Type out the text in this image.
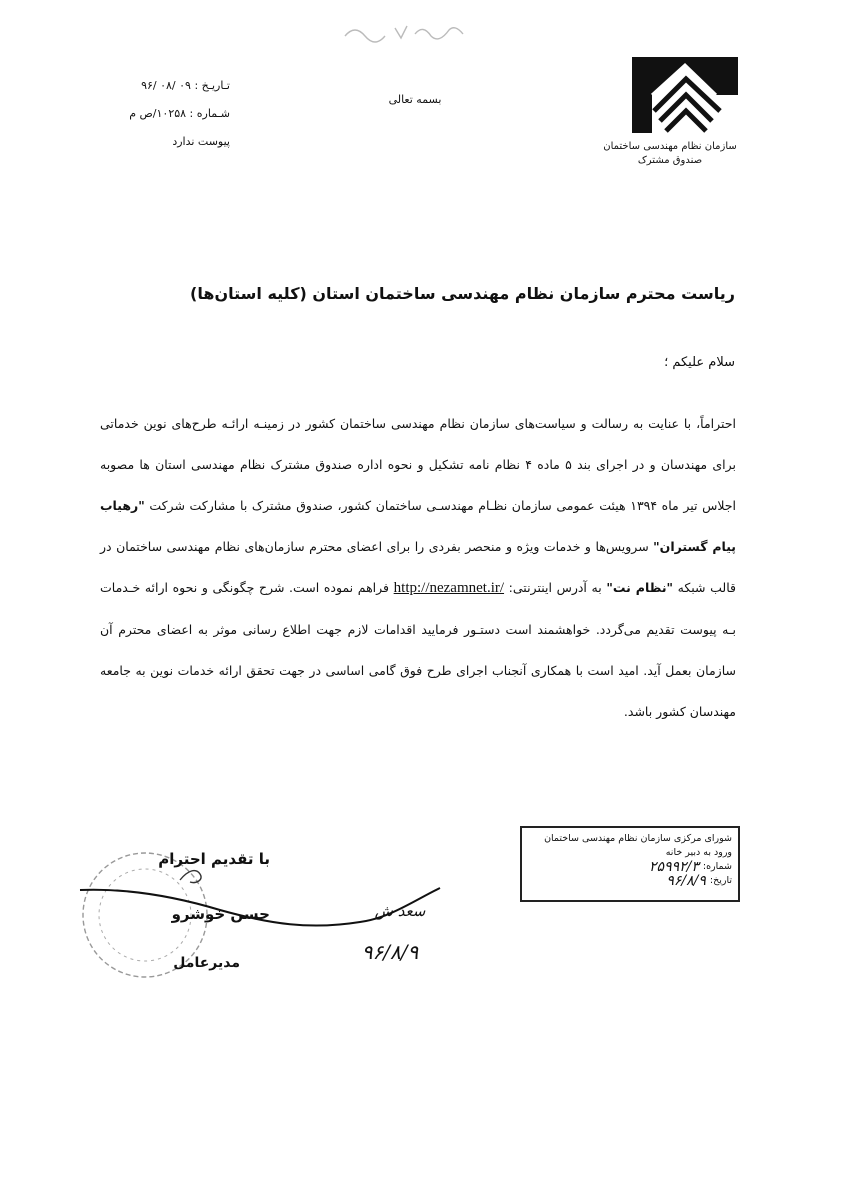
سازمان نظام مهندسی ساختمان
صندوق مشترک
بسمه تعالی
تـاریـخ : ۰۹ /۰۸ /۹۶
شـماره : ۱۰۲۵۸/ص م
پیوست ندارد
ریاست محترم سازمان نظام مهندسی ساختمان استان (کلیه استان‌ها)
سلام علیکم ؛
احتراماً، با عنایت به رسالت و سیاست‌های سازمان نظام مهندسی ساختمان کشور در زمینـه ارائـه طرح‌های نوین خدماتی برای مهندسان و در اجرای بند ۵ ماده ۴ نظام نامه تشکیل و نحوه اداره صندوق مشترک نظام مهندسی استان ها مصوبه اجلاس تیر ماه ۱۳۹۴ هیئت عمومی سازمان نظـام مهندسـی ساختمان کشور، صندوق مشترک با مشارکت شرکت "رهیاب پیام گستران" سرویس‌ها و خدمات ویژه و منحصر بفردی را برای اعضای محترم سازمان‌های نظام مهندسی ساختمان در قالب شبکه "نظام نت" به آدرس اینترنتی: http://nezamnet.ir/ فراهم نموده است. شرح چگونگی و نحوه ارائه خـدمات بـه پیوست تقدیم می‌گردد. خواهشمند است دستـور فرمایید اقدامات لازم جهت اطلاع رسانی موثر به اعضای محترم آن سازمان بعمل آید. امید است با همکاری آنجناب اجرای طرح فوق گامی اساسی در جهت تحقق ارائه خدمات نوین به جامعه مهندسان کشور باشد.
شورای مرکزی سازمان نظام مهندسی ساختمان
ورود به دبیر خانه
شماره:
۲۵۹۹۲/۳
تاریخ:
۹۶/۸/۹
با تقدیم احترام
حسن خوشرو
مدیرعامل
سعد ش
۹۶/۸/۹
